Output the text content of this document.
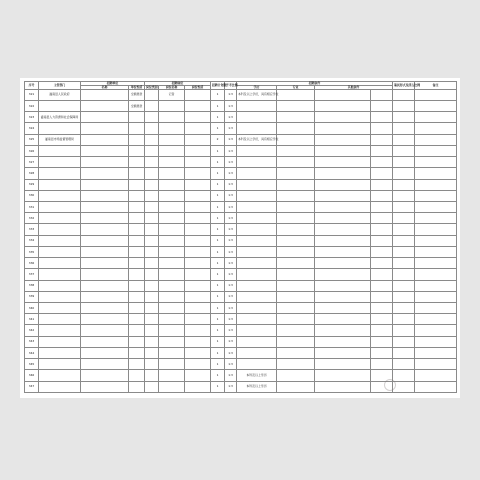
序号	主管部门	招聘单位		招聘岗位			招聘计划数	开考比例	招聘条件				笔试形式及所占比例	备注
		名称	单位性质	岗位类别	岗位名称	岗位性质			学历	专业	其他条件			
321	灌南县人民政府		全额拨款		记者		1	1:3	本科及以上学历，具有相应学位					
322			全额拨款				1	1:3						
323	灌南县人力资源和社会保障局						1	1:3						
324							1	1:3						
325	灌南县市场监督管理局						2	1:3	本科及以上学历，具有相应学位					
326							1	1:3						
327							1	1:3						
328							1	1:3						
329							1	1:3						
330							1	1:3						
331							1	1:3						
332							1	1:3						
333							1	1:3						
334							1	1:3						
335							1	1:3						
336							1	1:3						
337							1	1:3						
338							1	1:3						
339							1	1:3						
340							1	1:3						
341							1	1:3						
342							1	1:3						
343							1	1:3						
344							1	1:3						
345							1	1:3						
346							1	1:3	本科及以上学历					
347							1	1:3	本科及以上学历					
